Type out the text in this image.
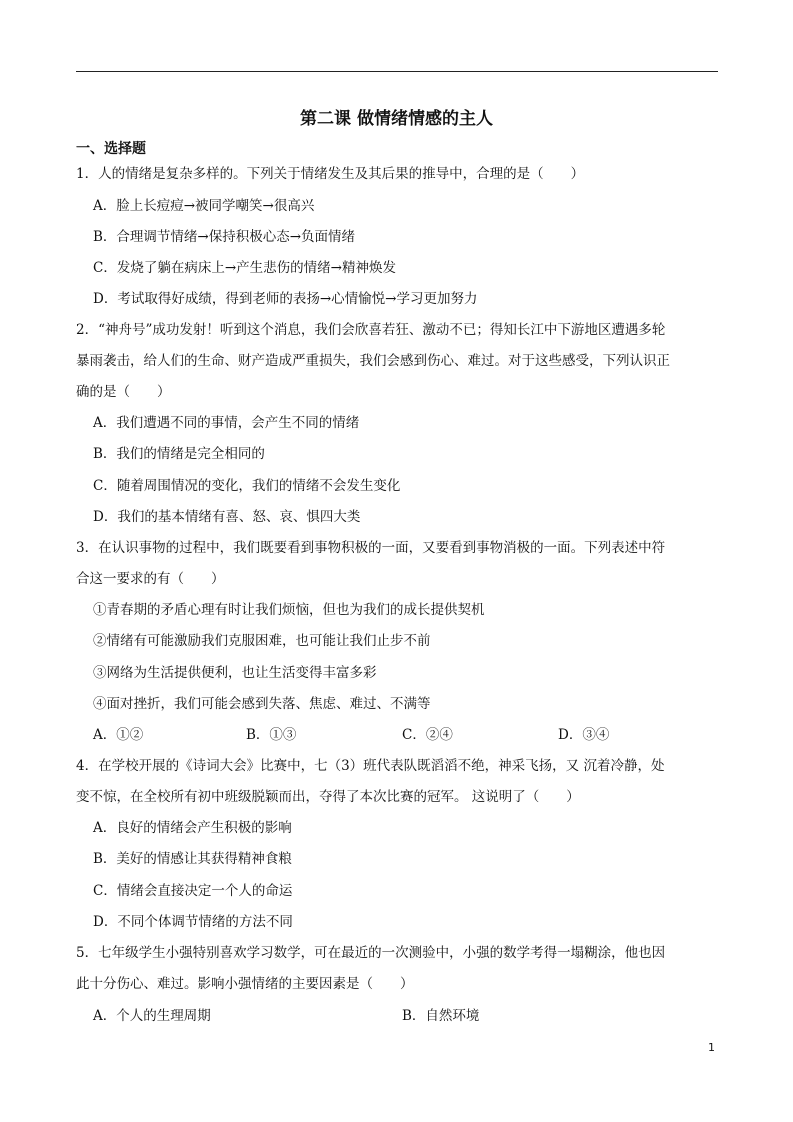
第二课 做情绪情感的主人
一、选择题
1．人的情绪是复杂多样的。下列关于情绪发生及其后果的推导中，合理的是（　　）
A．脸上长痘痘→被同学嘲笑→很高兴
B．合理调节情绪→保持积极心态→负面情绪
C．发烧了躺在病床上→产生悲伤的情绪→精神焕发
D．考试取得好成绩，得到老师的表扬→心情愉悦→学习更加努力
2．“神舟号”成功发射！听到这个消息，我们会欣喜若狂、激动不已；得知长江中下游地区遭遇多轮
暴雨袭击，给人们的生命、财产造成严重损失，我们会感到伤心、难过。对于这些感受，下列认识正
确的是（　　）
A．我们遭遇不同的事情，会产生不同的情绪
B．我们的情绪是完全相同的
C．随着周围情况的变化，我们的情绪不会发生变化
D．我们的基本情绪有喜、怒、哀、惧四大类
3．在认识事物的过程中，我们既要看到事物积极的一面，又要看到事物消极的一面。下列表述中符
合这一要求的有（　　）
①青春期的矛盾心理有时让我们烦恼，但也为我们的成长提供契机
②情绪有可能激励我们克服困难，也可能让我们止步不前
③网络为生活提供便利，也让生活变得丰富多彩
④面对挫折，我们可能会感到失落、焦虑、难过、不满等
A．①②	B．①③	C．②④	D．③④
4．在学校开展的《诗词大会》比赛中，七（3）班代表队既滔滔不绝，神采飞扬，又 沉着冷静，处
变不惊，在全校所有初中班级脱颖而出，夺得了本次比赛的冠军。 这说明了（　　）
A．良好的情绪会产生积极的影响
B．美好的情感让其获得精神食粮
C．情绪会直接决定一个人的命运
D．不同个体调节情绪的方法不同
5．七年级学生小强特别喜欢学习数学，可在最近的一次测验中，小强的数学考得一塌糊涂，他也因
此十分伤心、难过。影响小强情绪的主要因素是（　　）
A．个人的生理周期	B．自然环境
1
